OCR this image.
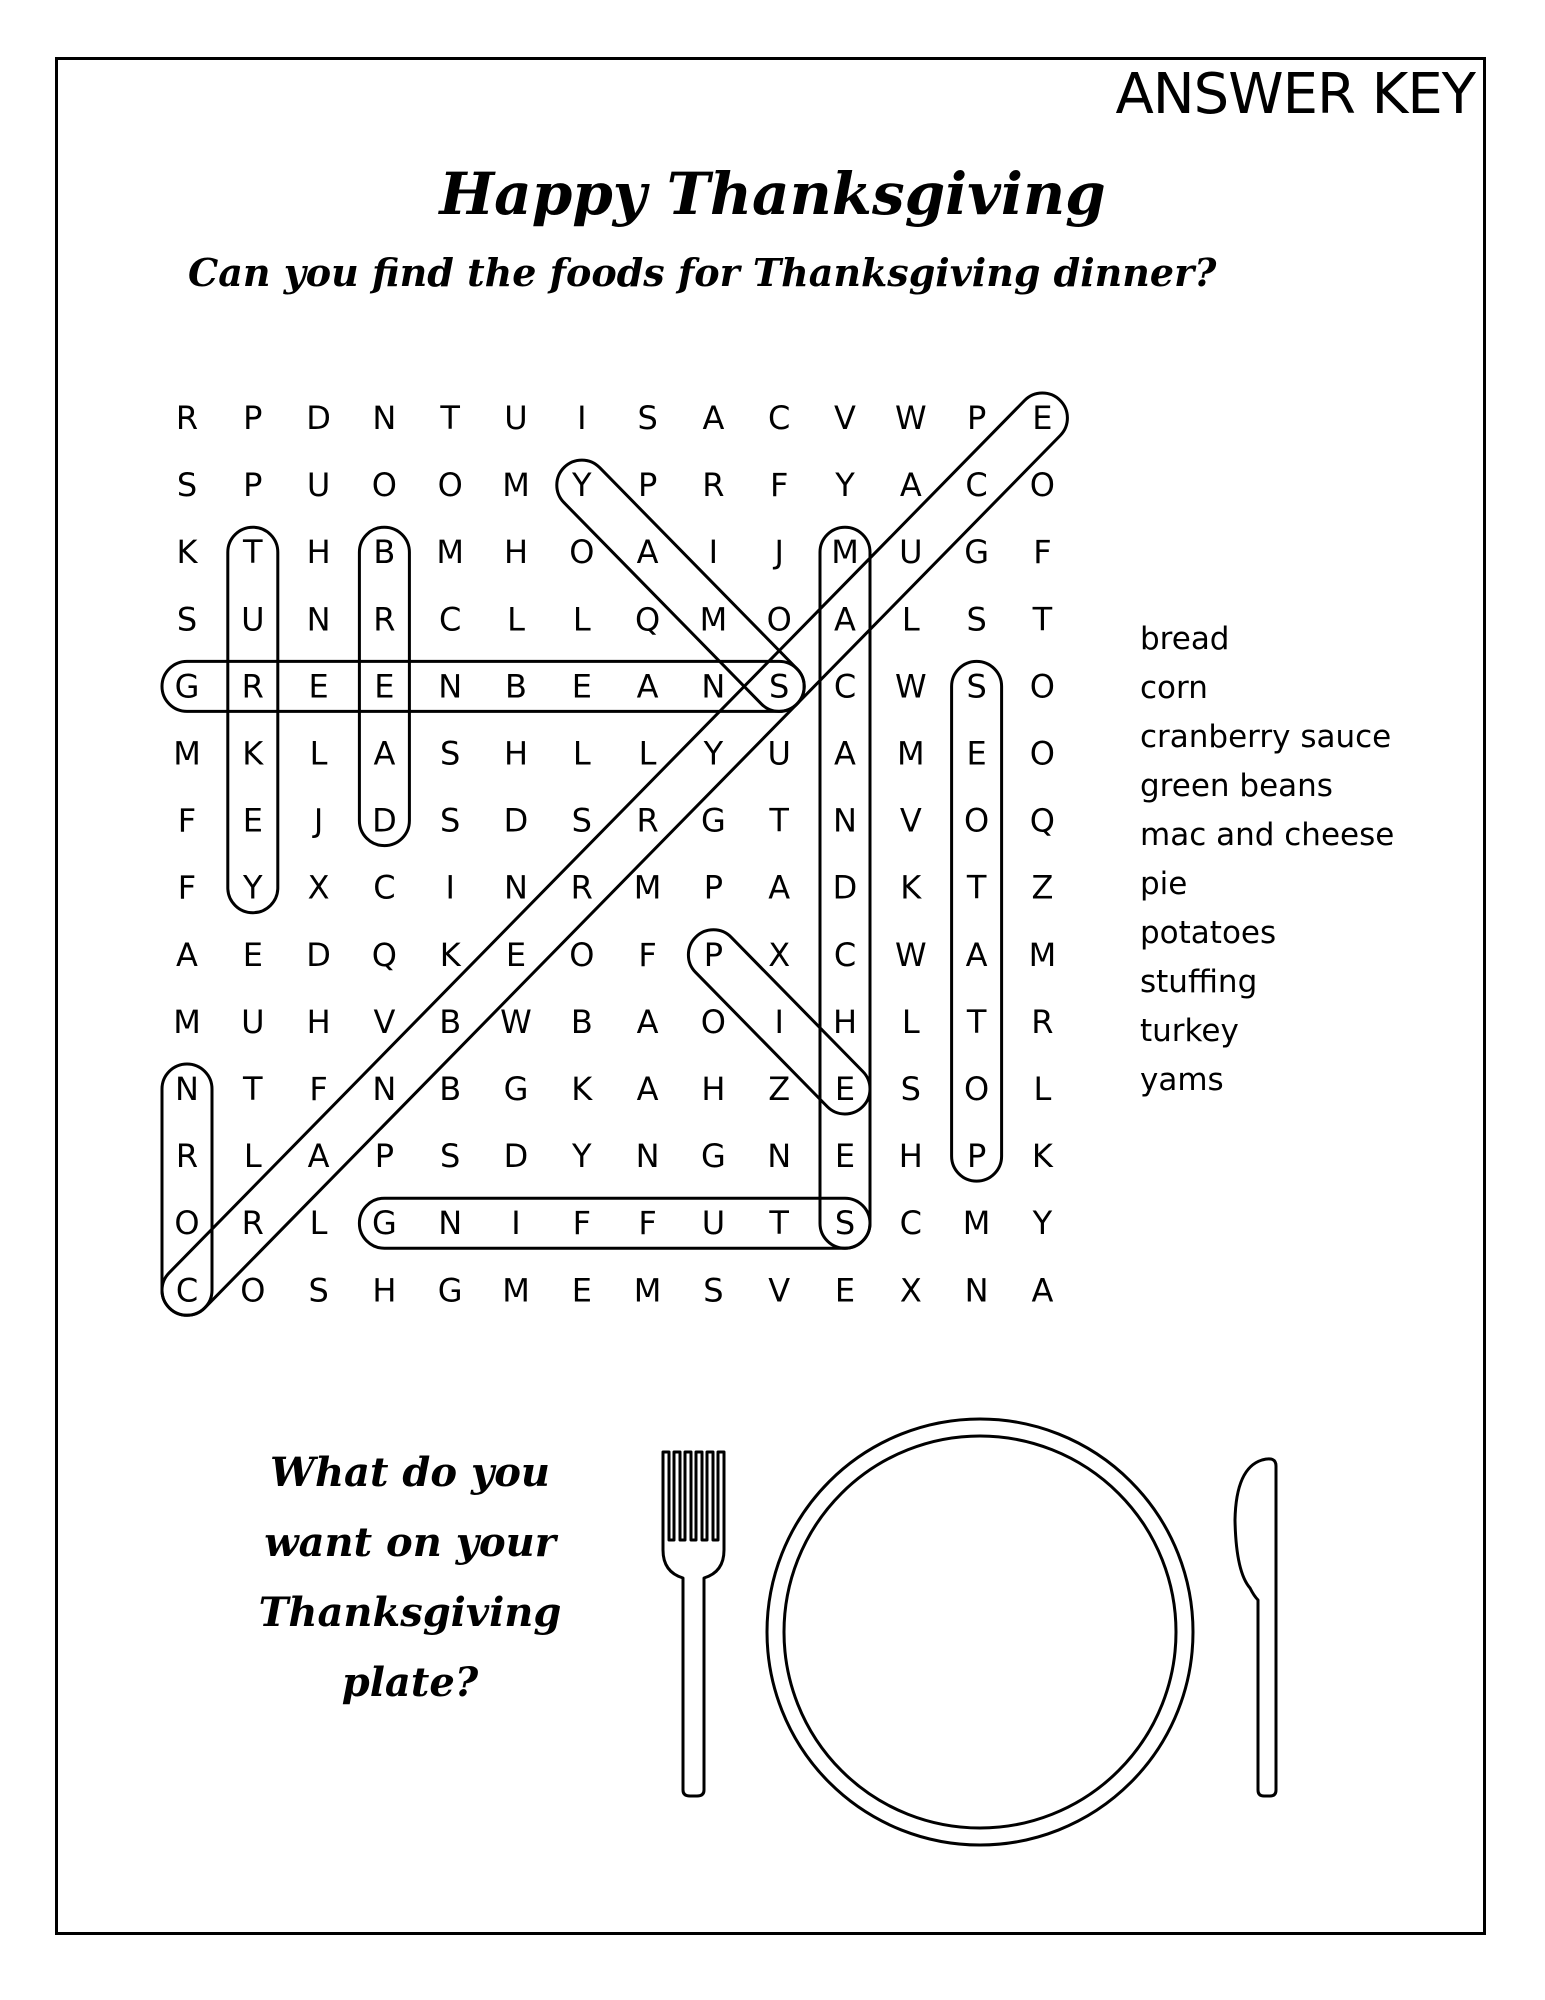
ANSWER KEY
Happy Thanksgiving
Can you find the foods for Thanksgiving dinner?
R P D N T U I S A C V W P E
S P U O O M Y P R F Y A C O
K T H B M H O A I J M U G F
S U N R C L L Q M O A L S T
G R E E N B E A N S C W S O
M K L A S H L L Y U A M E O
F E J D S D S R G T N V O Q
F Y X C I N R M P A D K T Z
A E D Q K E O F P X C W A M
M U H V B W B A O I H L T R
N T F N B G K A H Z E S O L
R L A P S D Y N G N E H P K
O R L G N I F F U T S C M Y
C O S H G M E M S V E X N A
bread
corn
cranberry sauce
green beans
mac and cheese
pie
potatoes
stuffing
turkey
yams
What do you
want on your
Thanksgiving
plate?
